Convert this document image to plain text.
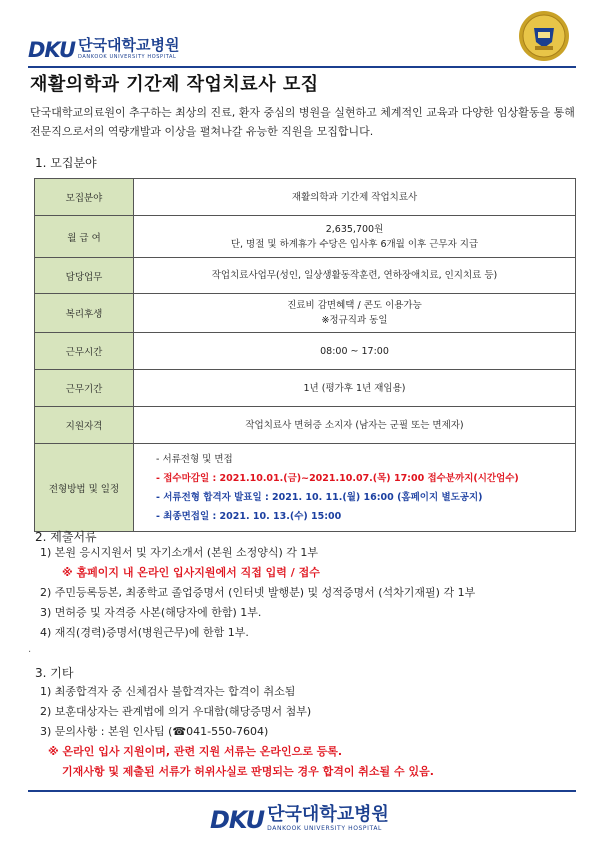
DKU 단국대학교병원
DANKOOK UNIVERSITY HOSPITAL
재활의학과 기간제 작업치료사 모집
단국대학교의료원이 추구하는 최상의 진료, 환자 중심의 병원을 실현하고 체계적인 교육과 다양한 임상활동을 통해 전문직으로서의 역량개발과 이상을 펼쳐나갈 유능한 직원을 모집합니다.
1. 모집분야
모집분야	재활의학과 기간제 작업치료사
월 급 여	2,635,700원
단, 명절 및 하계휴가 수당은 입사후 6개월 이후 근무자 지급

담당업무	작업치료사업무(성인, 일상생활동작훈련, 연하장애치료, 인지치료 등)
복리후생	진료비 감면혜택 / 콘도 이용가능
※정규직과 동일

근무시간	08:00 ~ 17:00
근무기간	1년 (평가후 1년 재임용)
지원자격	작업치료사 면허증 소지자 (남자는 군필 또는 면제자)
전형방법 및 일정	- 서류전형 및 면접
- 접수마감일 : 2021.10.01.(금)~2021.10.07.(목) 17:00 접수분까지(시간엄수)
- 서류전형 합격자 발표일 : 2021. 10. 11.(월) 16:00 (홈페이지 별도공지)
- 최종면접일 : 2021. 10. 13.(수) 15:00
2. 제출서류
1) 본원 응시지원서 및 자기소개서 (본원 소정양식) 각 1부
※ 홈페이지 내 온라인 입사지원에서 직접 입력 / 접수
2) 주민등록등본, 최종학교 졸업증명서 (인터넷 발행분) 및 성적증명서 (석차기재필) 각 1부
3) 면허증 및 자격증 사본(해당자에 한함) 1부.
4) 재직(경력)증명서(병원근무)에 한함 1부.
.
3. 기타
1) 최종합격자 중 신체검사 불합격자는 합격이 취소됨
2) 보훈대상자는 관계법에 의거 우대함(해당증명서 첨부)
3) 문의사항 : 본원 인사팀 (☎041-550-7604)
※ 온라인 입사 지원이며, 관련 지원 서류는 온라인으로 등록.
기재사항 및 제출된 서류가 허위사실로 판명되는 경우 합격이 취소될 수 있음.
DKU 단국대학교병원
DANKOOK UNIVERSITY HOSPITAL
